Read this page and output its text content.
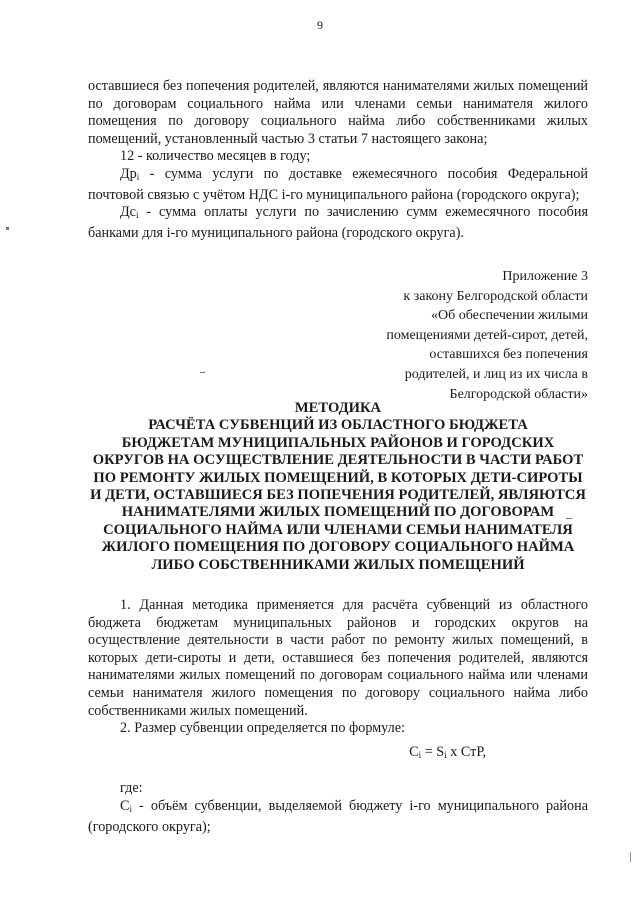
9

оставшиеся без попечения родителей, являются нанимателями жилых помещений по договорам социального найма или членами семьи нанимателя жилого помещения по договору социального найма либо собственниками жилых помещений, установленный частью 3 статьи 7 настоящего закона;

12 - количество месяцев в году;

$Др_i$ - сумма услуги по доставке ежемесячного пособия Федеральной почтовой связью с учётом НДС i-го муниципального района (городского округа);

$Дс_i$ - сумма оплаты услуги по зачислению сумм ежемесячного пособия банками для i-го муниципального района (городского округа).

Приложение 3
к закону Белгородской области
«Об обеспечении жилыми
помещениями детей-сирот, детей,
оставшихся без попечения
родителей, и лиц из их числа в
Белгородской области»
МЕТОДИКА
РАСЧЁТА СУБВЕНЦИЙ ИЗ ОБЛАСТНОГО БЮДЖЕТА
БЮДЖЕТАМ МУНИЦИПАЛЬНЫХ РАЙОНОВ И ГОРОДСКИХ
ОКРУГОВ НА ОСУЩЕСТВЛЕНИЕ ДЕЯТЕЛЬНОСТИ В ЧАСТИ РАБОТ
ПО РЕМОНТУ ЖИЛЫХ ПОМЕЩЕНИЙ, В КОТОРЫХ ДЕТИ-СИРОТЫ
И ДЕТИ, ОСТАВШИЕСЯ БЕЗ ПОПЕЧЕНИЯ РОДИТЕЛЕЙ, ЯВЛЯЮТСЯ
НАНИМАТЕЛЯМИ ЖИЛЫХ ПОМЕЩЕНИЙ ПО ДОГОВОРАМ
СОЦИАЛЬНОГО НАЙМА ИЛИ ЧЛЕНАМИ СЕМЬИ НАНИМАТЕЛЯ
ЖИЛОГО ПОМЕЩЕНИЯ ПО ДОГОВОРУ СОЦИАЛЬНОГО НАЙМА
ЛИБО СОБСТВЕННИКАМИ ЖИЛЫХ ПОМЕЩЕНИЙ

1. Данная методика применяется для расчёта субвенций из областного бюджета бюджетам муниципальных районов и городских округов на осуществление деятельности в части работ по ремонту жилых помещений, в которых дети-сироты и дети, оставшиеся без попечения родителей, являются нанимателями жилых помещений по договорам социального найма или членами семьи нанимателя жилого помещения по договору социального найма либо собственниками жилых помещений.

2. Размер субвенции определяется по формуле:

$C_i = S_i$ x СтР,

где:

$C_i$ - объём субвенции, выделяемой бюджету i-го муниципального района (городского округа);
